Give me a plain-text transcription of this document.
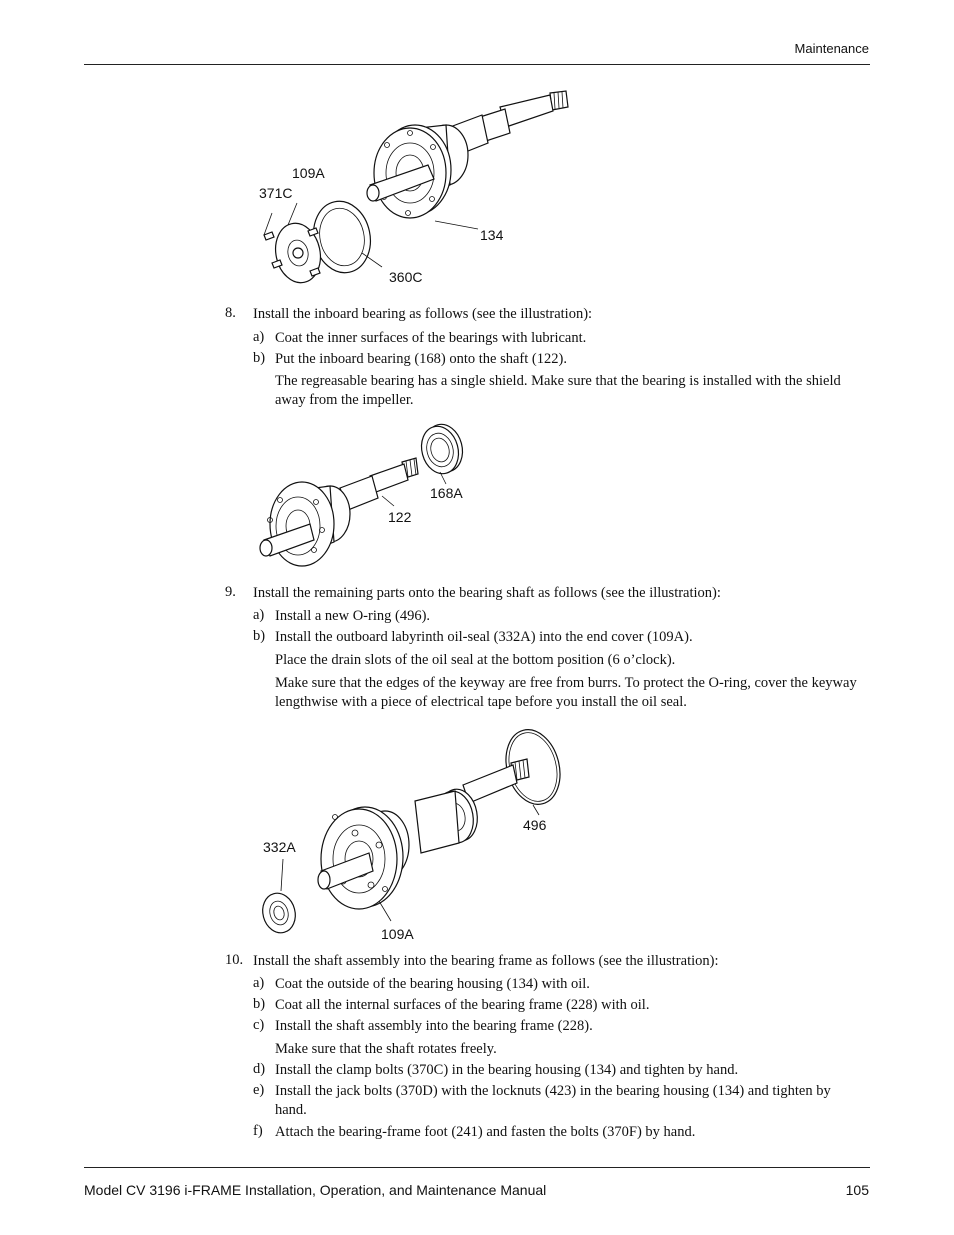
Maintenance
109A
371C
134
360C
8. Install the inboard bearing as follows (see the illustration):
a) Coat the inner surfaces of the bearings with lubricant.
b) Put the inboard bearing (168) onto the shaft (122).
The regreasable bearing has a single shield. Make sure that the bearing is installed with the shield away from the impeller.
168A
122
9. Install the remaining parts onto the bearing shaft as follows (see the illustration):
a) Install a new O-ring (496).
b) Install the outboard labyrinth oil-seal (332A) into the end cover (109A).
Place the drain slots of the oil seal at the bottom position (6 o’clock).
Make sure that the edges of the keyway are free from burrs. To protect the O-ring, cover the keyway lengthwise with a piece of electrical tape before you install the oil seal.
496
332A
109A
10. Install the shaft assembly into the bearing frame as follows (see the illustration):
a) Coat the outside of the bearing housing (134) with oil.
b) Coat all the internal surfaces of the bearing frame (228) with oil.
c) Install the shaft assembly into the bearing frame (228).
Make sure that the shaft rotates freely.
d) Install the clamp bolts (370C) in the bearing housing (134) and tighten by hand.
e) Install the jack bolts (370D) with the locknuts (423) in the bearing housing (134) and tighten by hand.
f) Attach the bearing-frame foot (241) and fasten the bolts (370F) by hand.
Model CV 3196 i-FRAME Installation, Operation, and Maintenance Manual	105
